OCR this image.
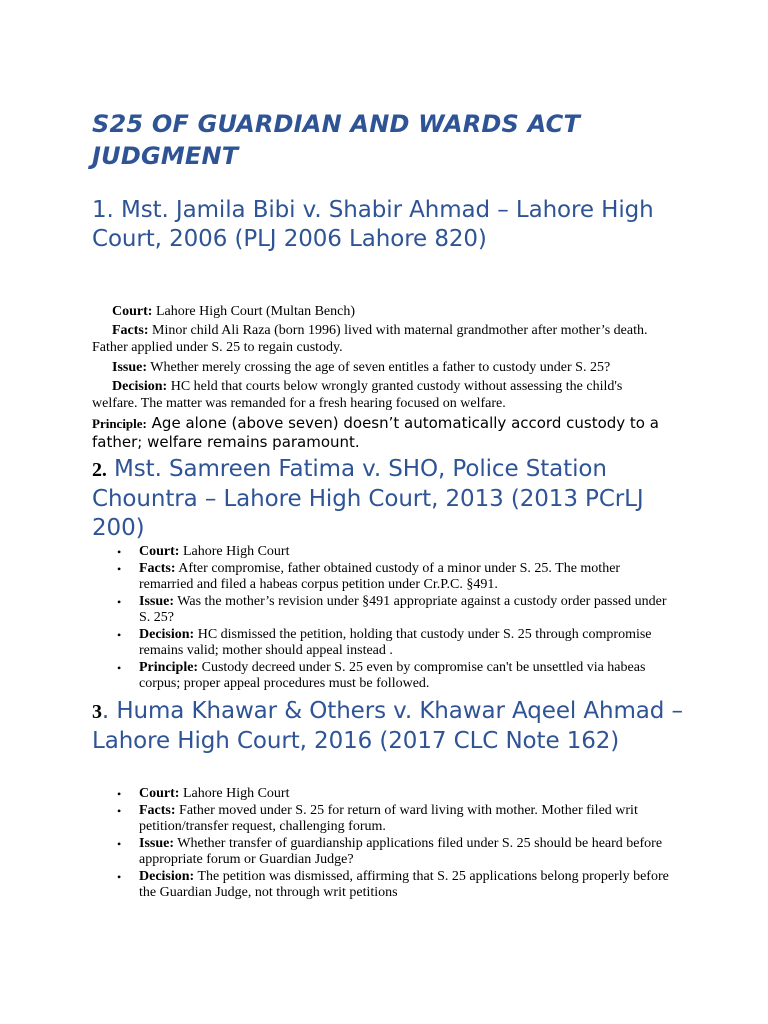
S25 OF GUARDIAN AND WARDS ACT
JUDGMENT
1. Mst. Jamila Bibi v. Shabir Ahmad – Lahore High Court, 2006 (PLJ 2006 Lahore 820)
Court: Lahore High Court (Multan Bench)
Facts: Minor child Ali Raza (born 1996) lived with maternal grandmother after mother’s death. Father applied under S. 25 to regain custody.
Issue: Whether merely crossing the age of seven entitles a father to custody under S. 25?
Decision: HC held that courts below wrongly granted custody without assessing the child's welfare. The matter was remanded for a fresh hearing focused on welfare.
Principle: Age alone (above seven) doesn’t automatically accord custody to a father; welfare remains paramount.
2. Mst. Samreen Fatima v. SHO, Police Station Chountra – Lahore High Court, 2013 (2013 PCrLJ 200)
• Court: Lahore High Court
• Facts: After compromise, father obtained custody of a minor under S. 25. The mother remarried and filed a habeas corpus petition under Cr.P.C. §491.
• Issue: Was the mother’s revision under §491 appropriate against a custody order passed under S. 25?
• Decision: HC dismissed the petition, holding that custody under S. 25 through compromise remains valid; mother should appeal instead .
• Principle: Custody decreed under S. 25 even by compromise can't be unsettled via habeas corpus; proper appeal procedures must be followed.
3. Huma Khawar & Others v. Khawar Aqeel Ahmad – Lahore High Court, 2016 (2017 CLC Note 162)
• Court: Lahore High Court
• Facts: Father moved under S. 25 for return of ward living with mother. Mother filed writ petition/transfer request, challenging forum.
• Issue: Whether transfer of guardianship applications filed under S. 25 should be heard before appropriate forum or Guardian Judge?
• Decision: The petition was dismissed, affirming that S. 25 applications belong properly before the Guardian Judge, not through writ petitions
